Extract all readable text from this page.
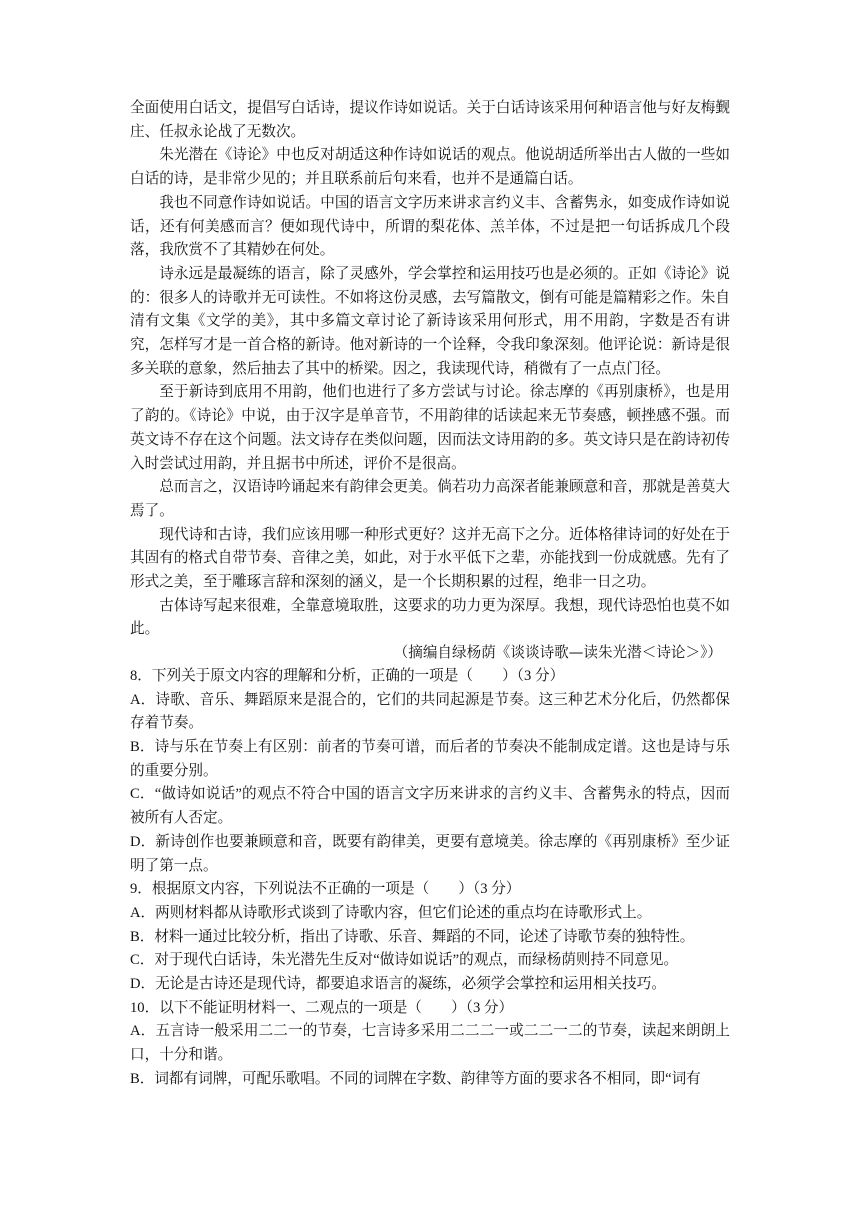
全面使用白话文，提倡写白话诗，提议作诗如说话。关于白话诗该采用何种语言他与好友梅觐庄、任叔永论战了无数次。

朱光潜在《诗论》中也反对胡适这种作诗如说话的观点。他说胡适所举出古人做的一些如白话的诗，是非常少见的；并且联系前后句来看，也并不是通篇白话。

我也不同意作诗如说话。中国的语言文字历来讲求言约义丰、含蓄隽永，如变成作诗如说话，还有何美感而言？便如现代诗中，所谓的梨花体、羔羊体，不过是把一句话拆成几个段落，我欣赏不了其精妙在何处。

诗永远是最凝练的语言，除了灵感外，学会掌控和运用技巧也是必须的。正如《诗论》说的：很多人的诗歌并无可读性。不如将这份灵感，去写篇散文，倒有可能是篇精彩之作。朱自清有文集《文学的美》，其中多篇文章讨论了新诗该采用何形式，用不用韵，字数是否有讲究，怎样写才是一首合格的新诗。他对新诗的一个诠释，令我印象深刻。他评论说：新诗是很多关联的意象，然后抽去了其中的桥梁。因之，我读现代诗，稍微有了一点点门径。

至于新诗到底用不用韵，他们也进行了多方尝试与讨论。徐志摩的《再别康桥》，也是用了韵的。《诗论》中说，由于汉字是单音节，不用韵律的话读起来无节奏感，顿挫感不强。而英文诗不存在这个问题。法文诗存在类似问题，因而法文诗用韵的多。英文诗只是在韵诗初传入时尝试过用韵，并且据书中所述，评价不是很高。

总而言之，汉语诗吟诵起来有韵律会更美。倘若功力高深者能兼顾意和音，那就是善莫大焉了。

现代诗和古诗，我们应该用哪一种形式更好？这并无高下之分。近体格律诗词的好处在于其固有的格式自带节奏、音律之美，如此，对于水平低下之辈，亦能找到一份成就感。先有了形式之美，至于雕琢言辞和深刻的涵义，是一个长期积累的过程，绝非一日之功。

古体诗写起来很难，全靠意境取胜，这要求的功力更为深厚。我想，现代诗恐怕也莫不如此。

（摘编自绿杨荫《谈谈诗歌—读朱光潜＜诗论＞》）

8．下列关于原文内容的理解和分析，正确的一项是（　　）（3 分）

A．诗歌、音乐、舞蹈原来是混合的，它们的共同起源是节奏。这三种艺术分化后，仍然都保存着节奏。

B．诗与乐在节奏上有区别：前者的节奏可谱，而后者的节奏决不能制成定谱。这也是诗与乐的重要分别。

C．“做诗如说话”的观点不符合中国的语言文字历来讲求的言约义丰、含蓄隽永的特点，因而被所有人否定。

D．新诗创作也要兼顾意和音，既要有韵律美，更要有意境美。徐志摩的《再别康桥》至少证明了第一点。

9．根据原文内容，下列说法不正确的一项是（　　）（3 分）

A．两则材料都从诗歌形式谈到了诗歌内容，但它们论述的重点均在诗歌形式上。

B．材料一通过比较分析，指出了诗歌、乐音、舞蹈的不同，论述了诗歌节奏的独特性。

C．对于现代白话诗，朱光潜先生反对“做诗如说话”的观点，而绿杨荫则持不同意见。

D．无论是古诗还是现代诗，都要追求语言的凝练，必须学会掌控和运用相关技巧。

10．以下不能证明材料一、二观点的一项是（　　）（3 分）

A．五言诗一般采用二二一的节奏，七言诗多采用二二二一或二二一二的节奏，读起来朗朗上口，十分和谐。

B．词都有词牌，可配乐歌唱。不同的词牌在字数、韵律等方面的要求各不相同，即“词有
